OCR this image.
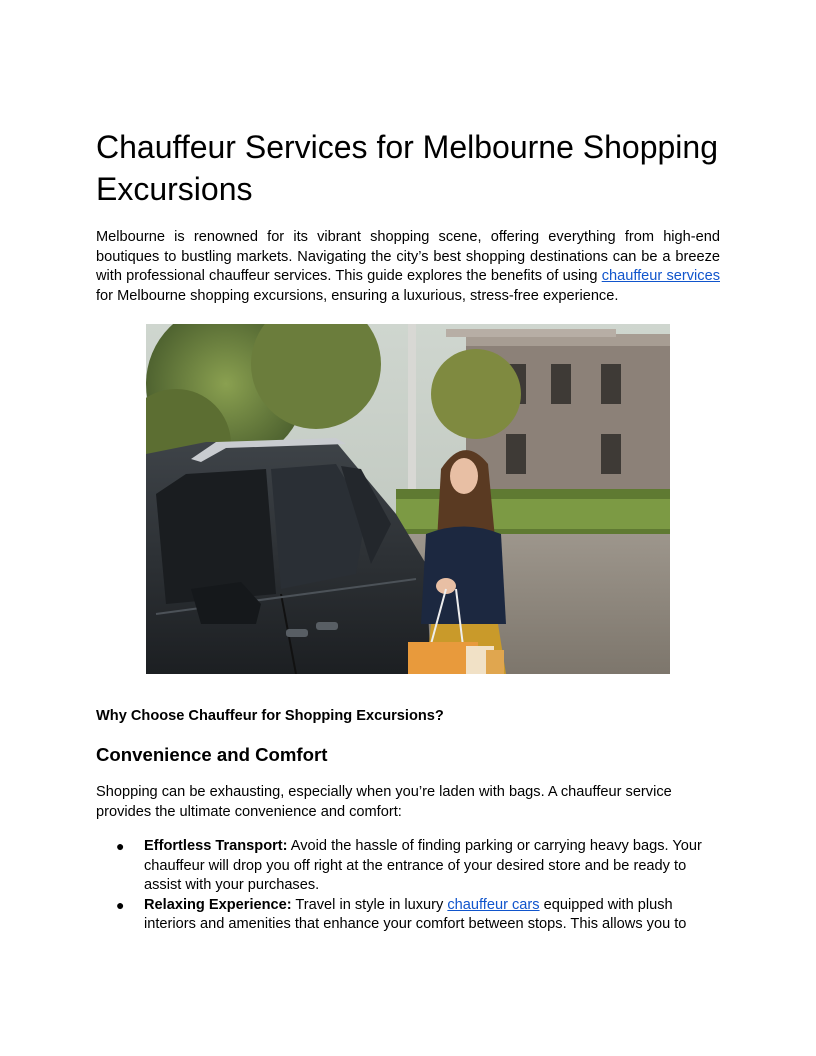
Chauffeur Services for Melbourne Shopping Excursions

Melbourne is renowned for its vibrant shopping scene, offering everything from high-end boutiques to bustling markets. Navigating the city’s best shopping destinations can be a breeze with professional chauffeur services. This guide explores the benefits of using chauffeur services for Melbourne shopping excursions, ensuring a luxurious, stress-free experience.

Why Choose Chauffeur for Shopping Excursions?

Convenience and Comfort

Shopping can be exhausting, especially when you’re laden with bags. A chauffeur service provides the ultimate convenience and comfort:

● Effortless Transport: Avoid the hassle of finding parking or carrying heavy bags. Your chauffeur will drop you off right at the entrance of your desired store and be ready to assist with your purchases.
● Relaxing Experience: Travel in style in luxury chauffeur cars equipped with plush interiors and amenities that enhance your comfort between stops. This allows you to
